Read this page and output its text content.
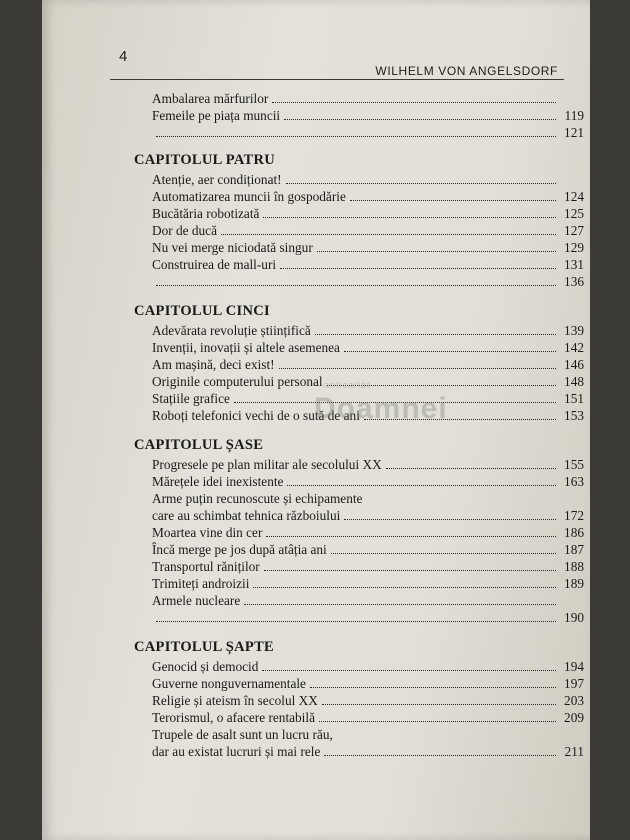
4
WILHELM VON ANGELSDORF
Ambalarea mărfurilor
Femeile pe piața muncii	119
121
CAPITOLUL PATRU
Atenție, aer condiționat!
Automatizarea muncii în gospodărie	124
Bucătăria robotizată	125
Dor de ducă	127
Nu vei merge niciodată singur	129
Construirea de mall-uri	131
136
CAPITOLUL CINCI
Adevărata revoluție științifică	139
Invenții, inovații și altele asemenea	142
Am mașină, deci exist!	146
Originile computerului personal	148
Stațiile grafice	151
Roboți telefonici vechi de o sută de ani	153
CAPITOLUL ȘASE
Progresele pe plan militar ale secolului XX	155
Mărețele idei inexistente	163
Arme puțin recunoscute și echipamente
care au schimbat tehnica războiului	172
Moartea vine din cer	186
Încă merge pe jos după atâția ani	187
Transportul răniților	188
Trimiteți androizii	189
Armele nucleare
190
CAPITOLUL ȘAPTE
Genocid și democid	194
Guverne nonguvernamentale	197
Religie și ateism în secolul XX	203
Terorismul, o afacere rentabilă	209
Trupele de asalt sunt un lucru rău,
dar au existat lucruri și mai rele	211
anticariat
Doamnei
